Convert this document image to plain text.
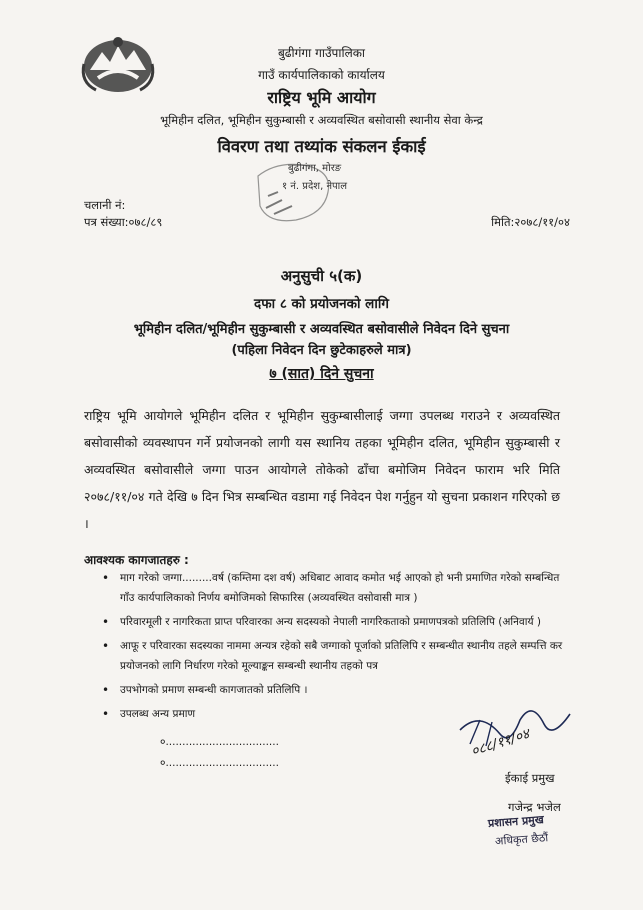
बुढीगंगा गाउँपालिका
गाउँ कार्यपालिकाको कार्यालय
राष्ट्रिय भूमि आयोग
भूमिहीन दलित, भूमिहीन सुकुम्बासी र अव्यवस्थित बसोवासी स्थानीय सेवा केन्द्र
विवरण तथा तथ्यांक संकलन ईकाई
बुढीगंगा, मोरङ
१ नं. प्रदेश, नेपाल
चलानी नं:
पत्र संख्या:०७८/८९	मिति:२०७८/११/०४
अनुसुची ५(क)
दफा ८ को प्रयोजनको लागि
भूमिहीन दलित/भूमिहीन सुकुम्बासी र अव्यवस्थित बसोवासीले निवेदन दिने सुचना
(पहिला निवेदन दिन छुटेकाहरुले मात्र)
७ (सात) दिने सुचना
राष्ट्रिय भूमि आयोगले भूमिहीन दलित र भूमिहीन सुकुम्बासीलाई जग्गा उपलब्ध गराउने र अव्यवस्थित बसोवासीको व्यवस्थापन गर्ने प्रयोजनको लागी यस स्थानिय तहका भूमिहीन दलित, भूमिहीन सुकुम्बासी र अव्यवस्थित बसोवासीले जग्गा पाउन आयोगले तोकेको ढाँचा बमोजिम निवेदन फाराम भरि मिति २०७८/११/०४ गते देखि ७ दिन भित्र सम्बन्धित वडामा गई निवेदन पेश गर्नुहुन यो सुचना प्रकाशन गरिएको छ ।
आवश्यक कागजातहरु :
• माग गरेको जग्गा.........वर्ष (कम्तिमा दश वर्ष) अधिबाट आवाद कमोत भई आएको हो भनी प्रमाणित गरेको सम्बन्धित गाँउ कार्यपालिकाको निर्णय बमोजिमको सिफारिस (अव्यवस्थित वसोवासी मात्र )
• परिवारमूली र नागरिकता प्राप्त परिवारका अन्य सदस्यको नेपाली नागरिकताको प्रमाणपत्रको प्रतिलिपि (अनिवार्य )
• आफू र परिवारका सदस्यका नाममा अन्यत्र रहेको सबै जग्गाको पूर्जाको प्रतिलिपि र सम्बन्धीत स्थानीय तहले सम्पत्ति कर प्रयोजनको लागि निर्धारण गरेको मूल्याङ्कन सम्बन्धी स्थानीय तहको पत्र
• उपभोगको प्रमाण सम्बन्धी कागजातको प्रतिलिपि ।
• उपलब्ध अन्य प्रमाण
०..................................
०..................................
०८८/११/०४
ईकाई प्रमुख
गजेन्द्र भजेल
प्रशासन प्रमुख
अधिकृत छैठौं
